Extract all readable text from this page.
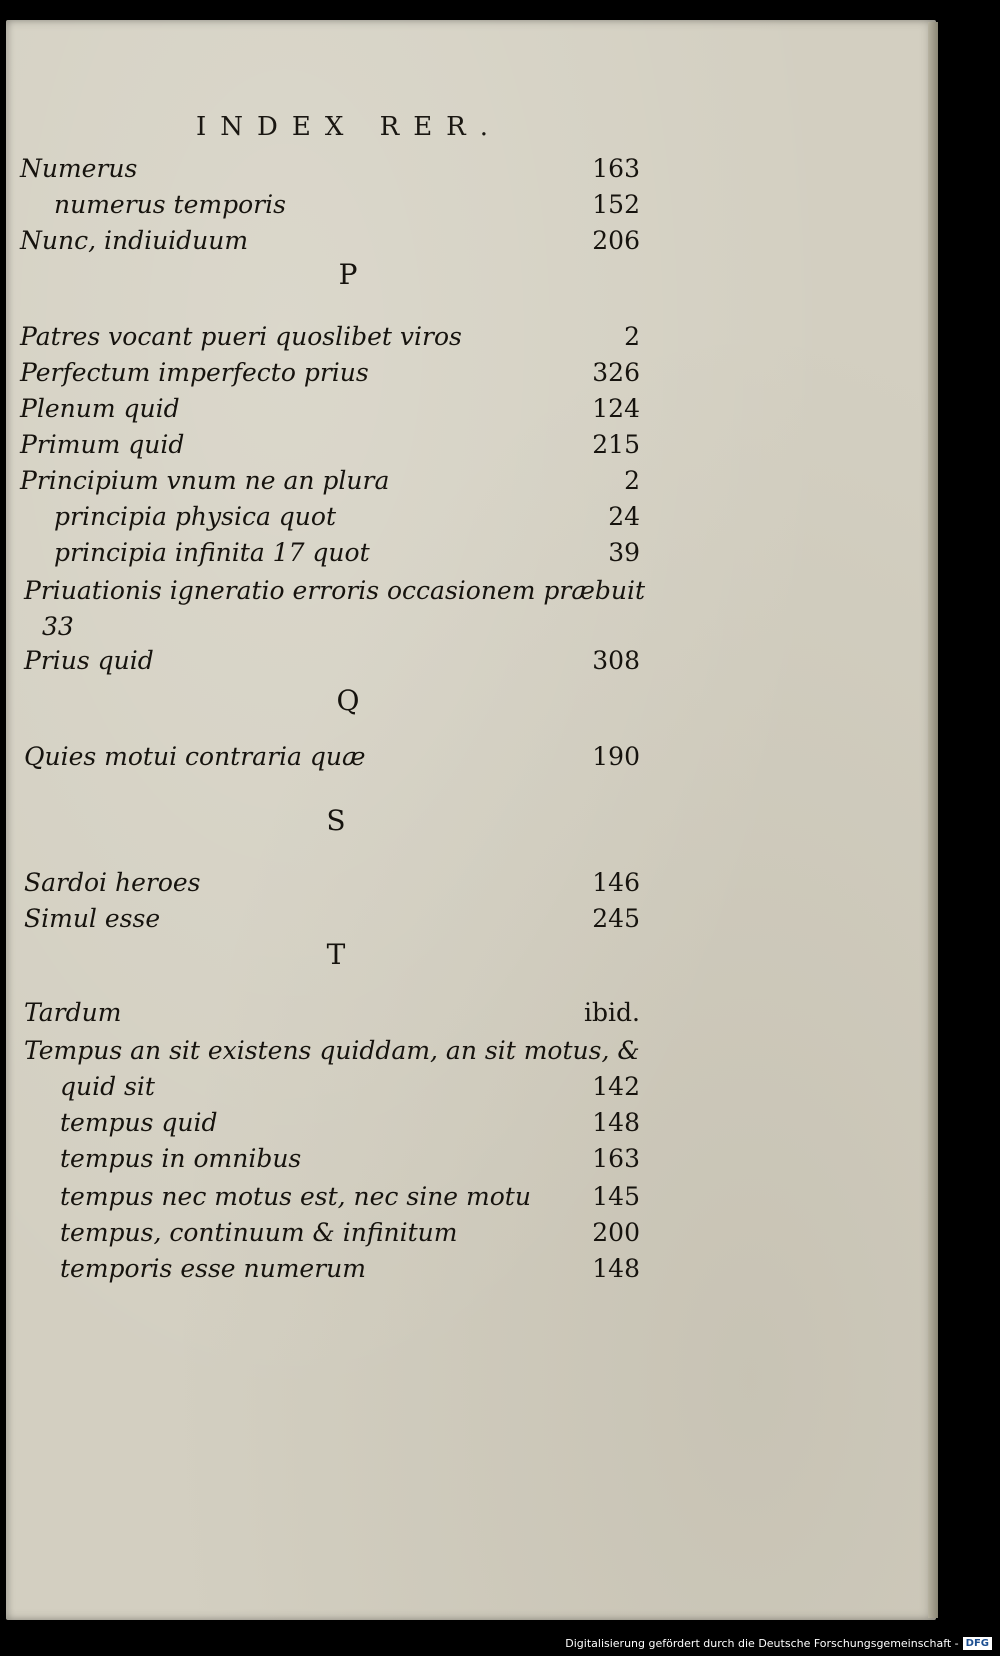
INDEX RER.
Numerus	163
numerus temporis	152
Nunc, indiuiduum	206
P
Patres vocant pueri quoslibet viros	2
Perfectum imperfecto prius	326
Plenum quid	124
Primum quid	215
Principium vnum ne an plura	2
principia physica quot	24
principia infinita 17 quot	39
Priuationis igneratio erroris occasionem præbuit
33
Prius quid	308
Q
Quies motui contraria quæ	190
S
Sardoi heroes	146
Simul esse	245
T
Tardum	ibid.
Tempus an sit existens quiddam, an sit motus, &
quid sit	142
tempus quid	148
tempus in omnibus	163
tempus nec motus est, nec sine motu 145
tempus, continuum & infinitum	200
temporis esse numerum	148
Digitalisierung gefördert durch die Deutsche Forschungsgemeinschaft - DFG
